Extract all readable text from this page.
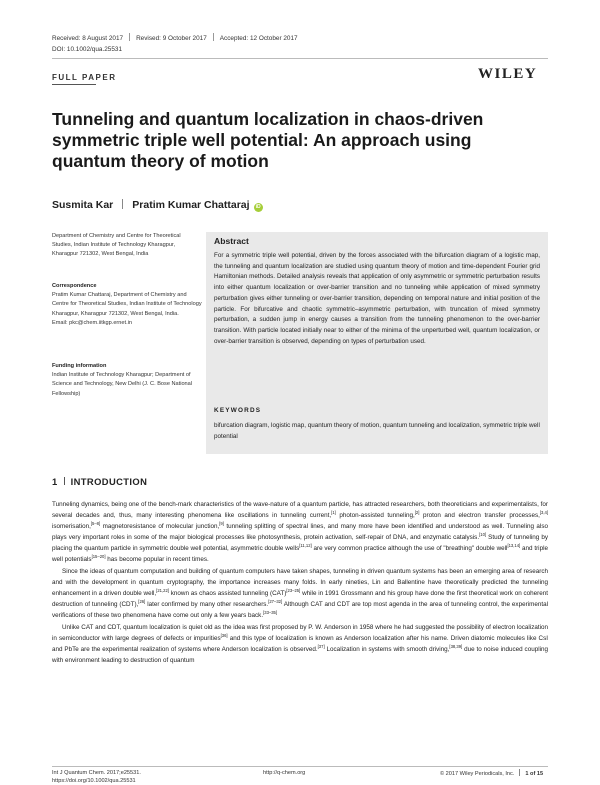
Received: 8 August 2017 Revised: 9 October 2017 Accepted: 12 October 2017
DOI: 10.1002/qua.25531
FULL PAPER	WILEY
Tunneling and quantum localization in chaos-driven symmetric triple well potential: An approach using quantum theory of motion
Susmita Kar Pratim Kumar Chattaraj iD
Department of Chemistry and Centre for Theoretical Studies, Indian Institute of Technology Kharagpur, Kharagpur 721302, West Bengal, India
Correspondence
Pratim Kumar Chattaraj, Department of Chemistry and Centre for Theoretical Studies, Indian Institute of Technology Kharagpur, Kharagpur 721302, West Bengal, India.
Email: pkc@chem.iitkgp.ernet.in
Funding information
Indian Institute of Technology Kharagpur; Department of Science and Technology, New Delhi (J. C. Bose National Fellowship)
Abstract
For a symmetric triple well potential, driven by the forces associated with the bifurcation diagram of a logistic map, the tunneling and quantum localization are studied using quantum theory of motion and time-dependent Fourier grid Hamiltonian methods. Detailed analysis reveals that application of only asymmetric or symmetric perturbation results into either quantum localization or over-barrier transition and no tunneling while application of mixed symmetry perturbation gives either tunneling or over-barrier transition, depending on temporal nature and initial position of the particle. For bifurcative and chaotic symmetric–asymmetric perturbation, with truncation of mixed symmetry perturbation, a sudden jump in energy causes a transition from the tunneling phenomenon to the over-barrier transition. With particle located initially near to either of the minima of the unperturbed well, quantum localization, or over-barrier transition is observed, depending on types of perturbation used.
KEYWORDS
bifurcation diagram, logistic map, quantum theory of motion, quantum tunneling and localization, symmetric triple well potential
1 INTRODUCTION

Tunneling dynamics, being one of the bench-mark characteristics of the wave-nature of a quantum particle, has attracted researchers, both theoreticians and experimentalists, for several decades and, thus, many interesting phenomena like oscillations in tunneling current,[1] photon-assisted tunneling,[2] proton and electron transfer processes,[3,4] isomerisation,[5–8] magnetoresistance of molecular junction,[9] tunneling splitting of spectral lines, and many more have been identified and understood as well. Tunneling also plays very important roles in some of the major biological processes like photosynthesis, protein activation, self-repair of DNA, and enzymatic catalysis.[10] Study of tunneling by placing the quantum particle in symmetric double well potential, asymmetric double wells[11,12] are very common practice although the use of "breathing" double well[13,14] and triple well potentials[15–20] has become popular in recent times.

Since the ideas of quantum computation and building of quantum computers have taken shapes, tunneling in driven quantum systems has been an emerging area of research and with the development in quantum cryptography, the importance increases many folds. In early nineties, Lin and Ballentine have theoretically predicted the tunneling enhancement in a driven double well,[21,22] known as chaos assisted tunneling (CAT)[23–25] while in 1991 Grossmann and his group have done the first theoretical work on coherent destruction of tunneling (CDT),[26] later confirmed by many other researchers.[27–32] Although CAT and CDT are top most agenda in the area of tunneling control, the experimental verifications of these two phenomena have come out only a few years back.[33–35]

Unlike CAT and CDT, quantum localization is quiet old as the idea was first proposed by P. W. Anderson in 1958 where he had suggested the possibility of electron localization in semiconductor with large degrees of defects or impurities[36] and this type of localization is known as Anderson localization after his name. Driven diatomic molecules like CsI and PbTe are the experimental realization of systems where Anderson localization is observed.[37] Localization in systems with smooth driving,[38,39] due to noise induced coupling with environment leading to destruction of quantum

Int J Quantum Chem. 2017;e25531.
https://doi.org/10.1002/qua.25531
http://q-chem.org	© 2017 Wiley Periodicals, Inc. 1 of 15
